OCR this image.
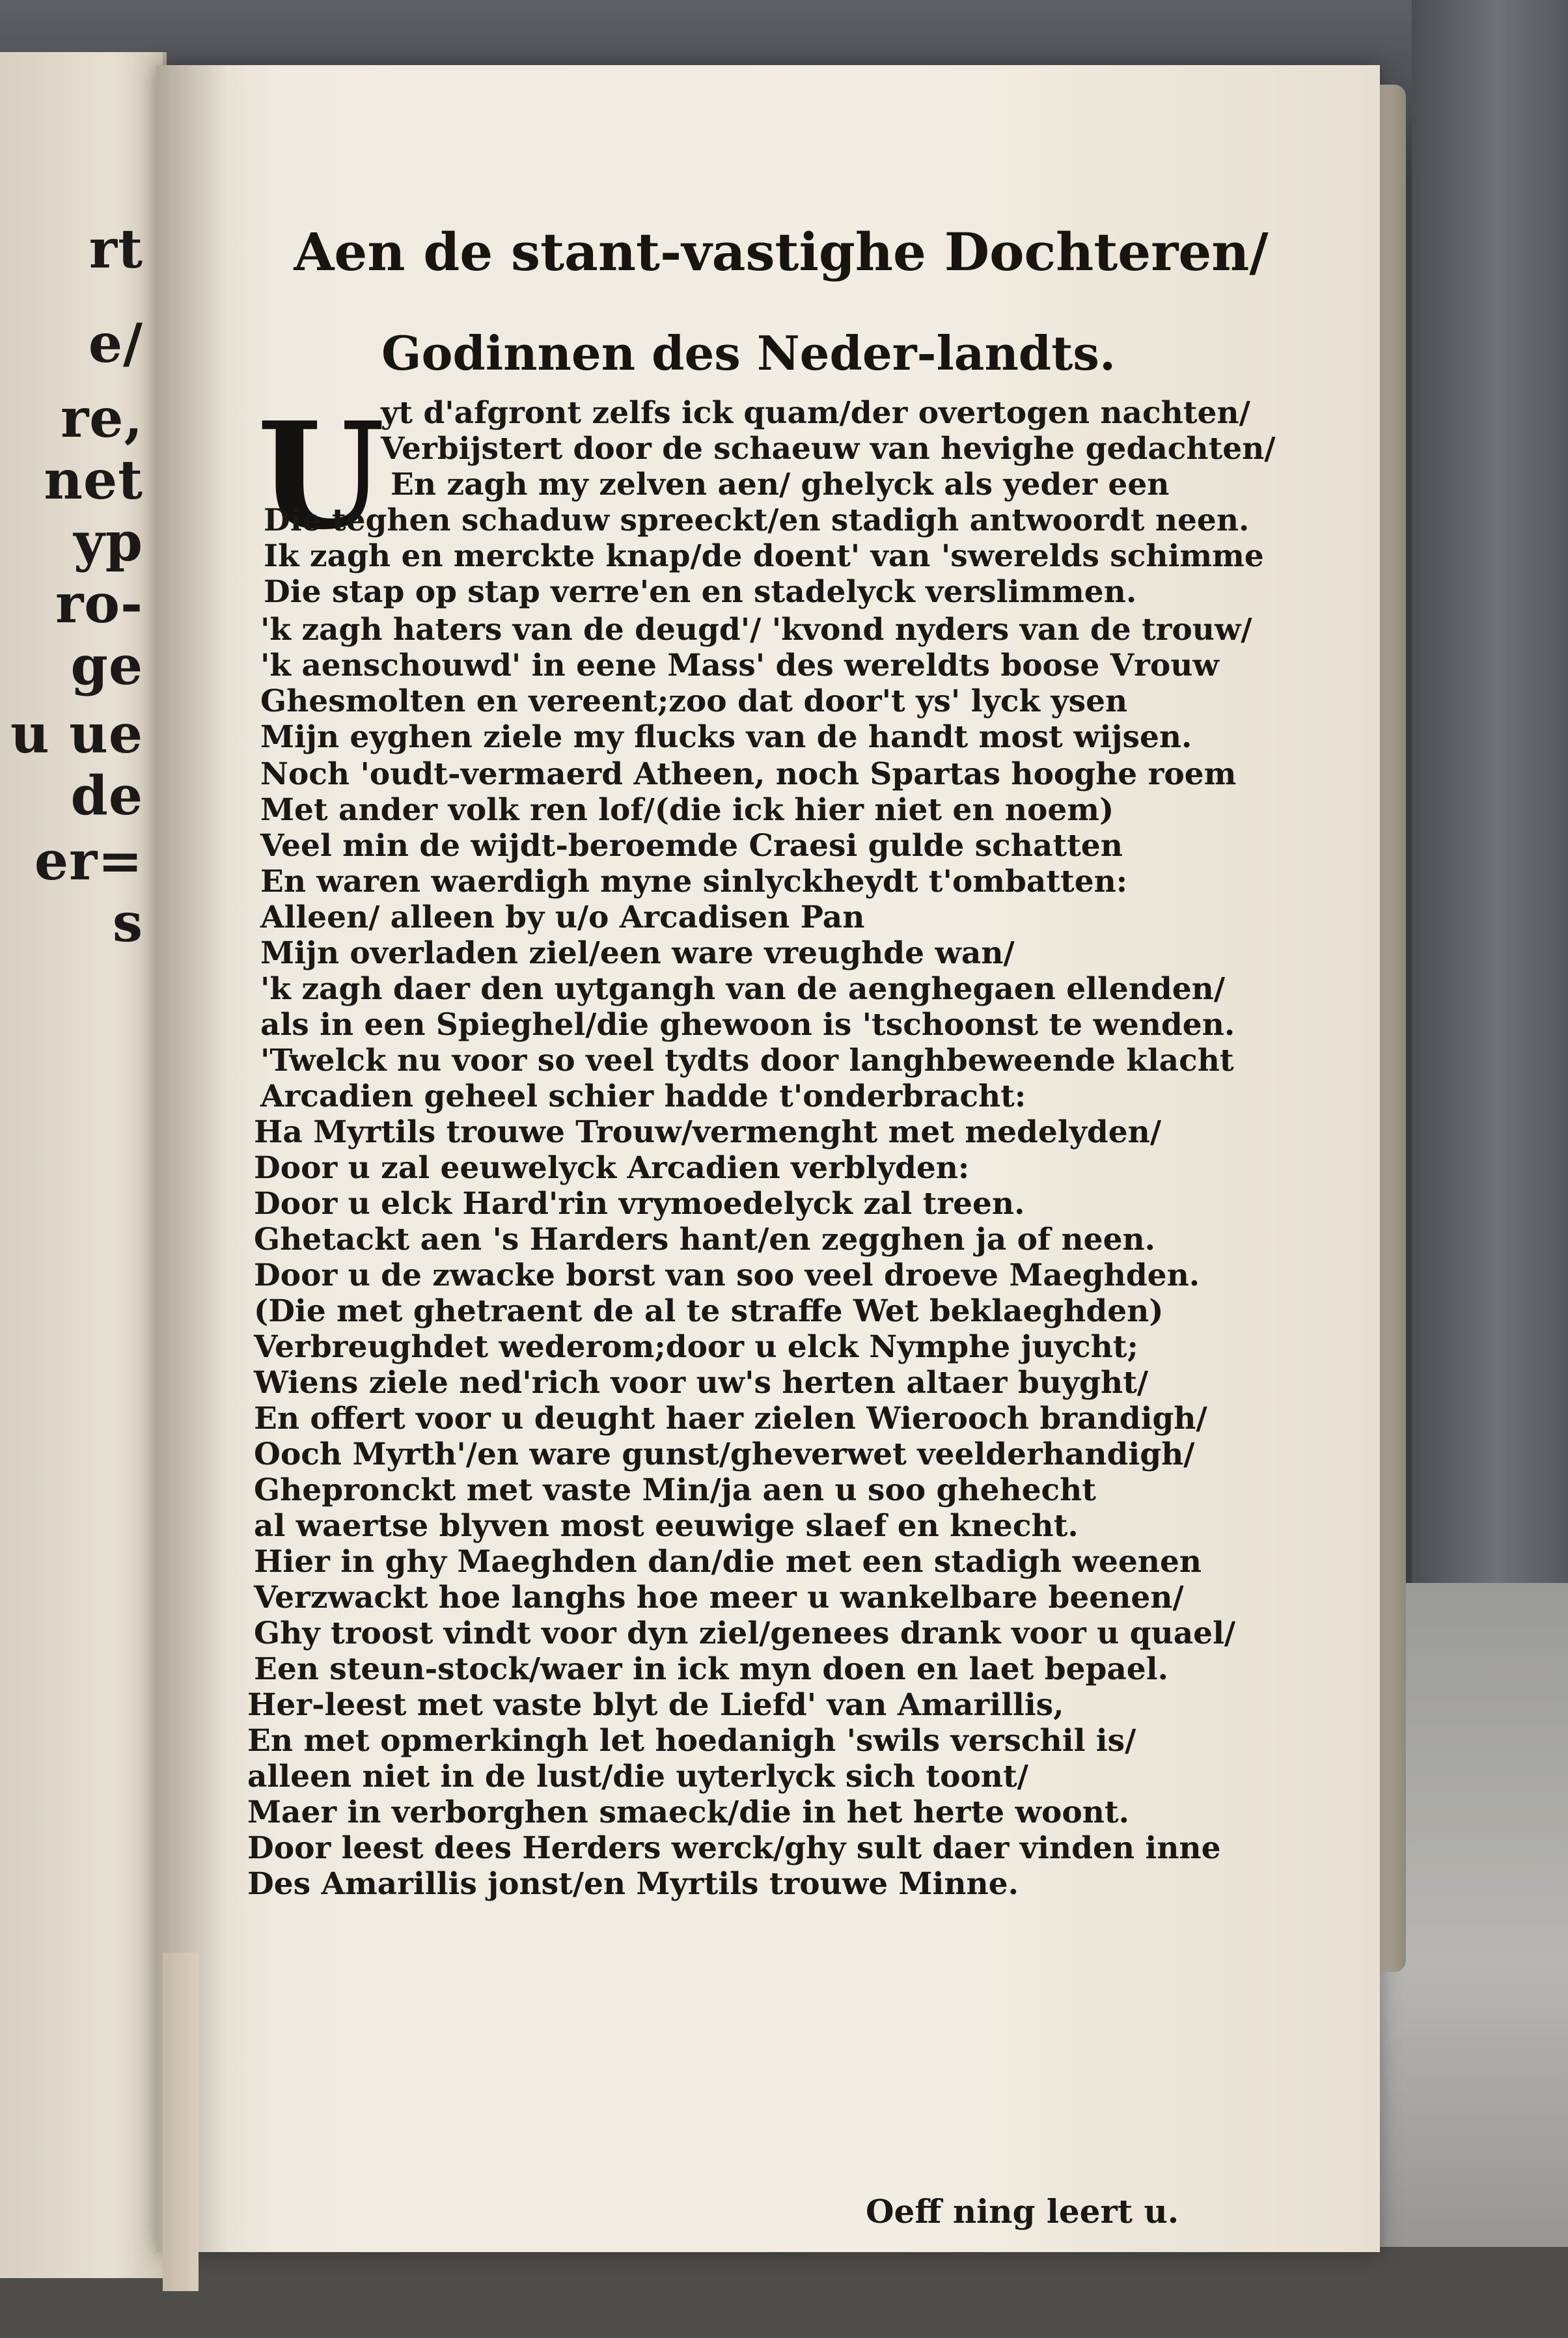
rt
e/
re,
net
yp
ro-
ge
u ue
de
er=
s
Aen de stant-vastighe Dochteren/
Godinnen des Neder-landts.
U
yt d'afgront zelfs ick quam/der overtogen nachten/
Verbijstert door de schaeuw van hevighe gedachten/
En zagh my zelven aen/ ghelyck als yeder een
Die teghen schaduw spreeckt/en stadigh antwoordt neen.
Ik zagh en merckte knap/de doent' van 'swerelds schimme
Die stap op stap verre'en en stadelyck verslimmen.
'k zagh haters van de deugd'/ 'kvond nyders van de trouw/
'k aenschouwd' in eene Mass' des wereldts boose Vrouw
Ghesmolten en vereent;zoo dat door't ys' lyck ysen
Mijn eyghen ziele my flucks van de handt most wijsen.
Noch 'oudt-vermaerd Atheen, noch Spartas hooghe roem
Met ander volk ren lof/(die ick hier niet en noem)
Veel min de wijdt-beroemde Craesi gulde schatten
En waren waerdigh myne sinlyckheydt t'ombatten:
Alleen/ alleen by u/o Arcadisen Pan
Mijn overladen ziel/een ware vreughde wan/
'k zagh daer den uytgangh van de aenghegaen ellenden/
als in een Spieghel/die ghewoon is 'tschoonst te wenden.
'Twelck nu voor so veel tydts door langhbeweende klacht
Arcadien geheel schier hadde t'onderbracht:
Ha Myrtils trouwe Trouw/vermenght met medelyden/
Door u zal eeuwelyck Arcadien verblyden:
Door u elck Hard'rin vrymoedelyck zal treen.
Ghetackt aen 's Harders hant/en zegghen ja of neen.
Door u de zwacke borst van soo veel droeve Maeghden.
(Die met ghetraent de al te straffe Wet beklaeghden)
Verbreughdet wederom;door u elck Nymphe juycht;
Wiens ziele ned'rich voor uw's herten altaer buyght/
En offert voor u deught haer zielen Wierooch brandigh/
Ooch Myrth'/en ware gunst/gheverwet veelderhandigh/
Ghepronckt met vaste Min/ja aen u soo ghehecht
al waertse blyven most eeuwige slaef en knecht.
Hier in ghy Maeghden dan/die met een stadigh weenen
Verzwackt hoe langhs hoe meer u wankelbare beenen/
Ghy troost vindt voor dyn ziel/genees drank voor u quael/
Een steun-stock/waer in ick myn doen en laet bepael.
Her-leest met vaste blyt de Liefd' van Amarillis,
En met opmerkingh let hoedanigh 'swils verschil is/
alleen niet in de lust/die uyterlyck sich toont/
Maer in verborghen smaeck/die in het herte woont.
Door leest dees Herders werck/ghy sult daer vinden inne
Des Amarillis jonst/en Myrtils trouwe Minne.
Oeff ning leert u.
